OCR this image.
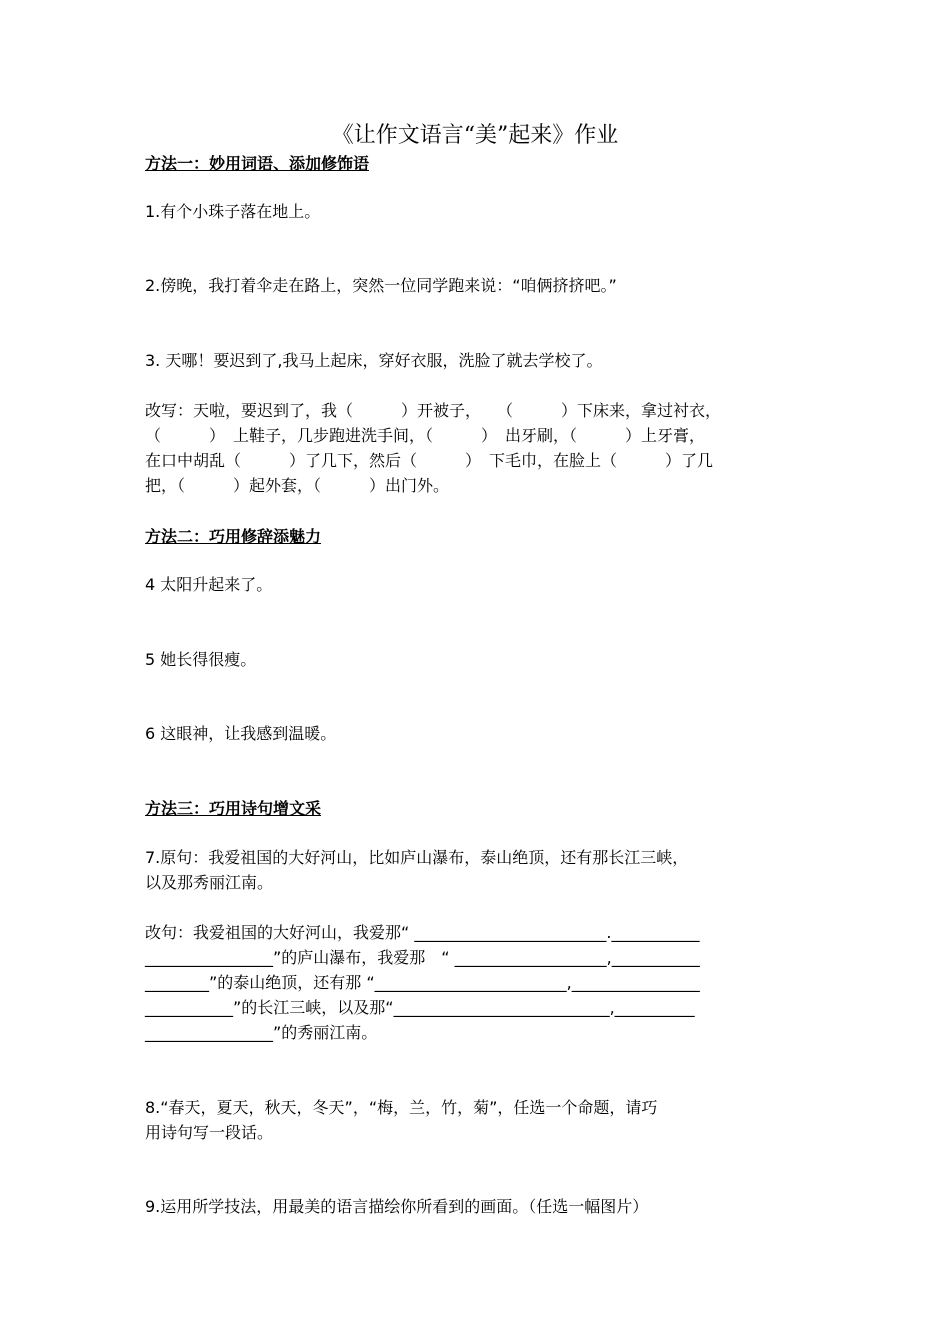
《让作文语言“美”起来》作业
方法一：妙用词语、添加修饰语
1.有个小珠子落在地上。
2.傍晚，我打着伞走在路上，突然一位同学跑来说：“咱俩挤挤吧。”
3. 天哪！要迟到了,我马上起床，穿好衣服，洗脸了就去学校了。
改写：天啦，要迟到了，我（　　　）开被子，　　（　　　）下床来，拿过衬衣，
（　　　）　上鞋子，几步跑进洗手间，（　　　）　出牙刷，（　　　）上牙膏，
在口中胡乱（　　　）了几下，然后（　　　）　下毛巾，在脸上（　　　）了几
把，（　　　）起外套，（　　　）出门外。
方法二：巧用修辞添魅力
4 太阳升起来了。
5 她长得很瘦。
6 这眼神，让我感到温暖。
方法三：巧用诗句增文采
7.原句：我爱祖国的大好河山，比如庐山瀑布，泰山绝顶，还有那长江三峡，
以及那秀丽江南。
改句：我爱祖国的大好河山，我爱那“ ________________________.___________
________________”的庐山瀑布，我爱那　“ ___________________,___________
________”的泰山绝顶，还有那 “________________________,________________
___________”的长江三峡，以及那“___________________________,__________
________________”的秀丽江南。
8.“春天，夏天，秋天，冬天”，“梅，兰，竹，菊”，任选一个命题，请巧
用诗句写一段话。
9.运用所学技法，用最美的语言描绘你所看到的画面。（任选一幅图片）
